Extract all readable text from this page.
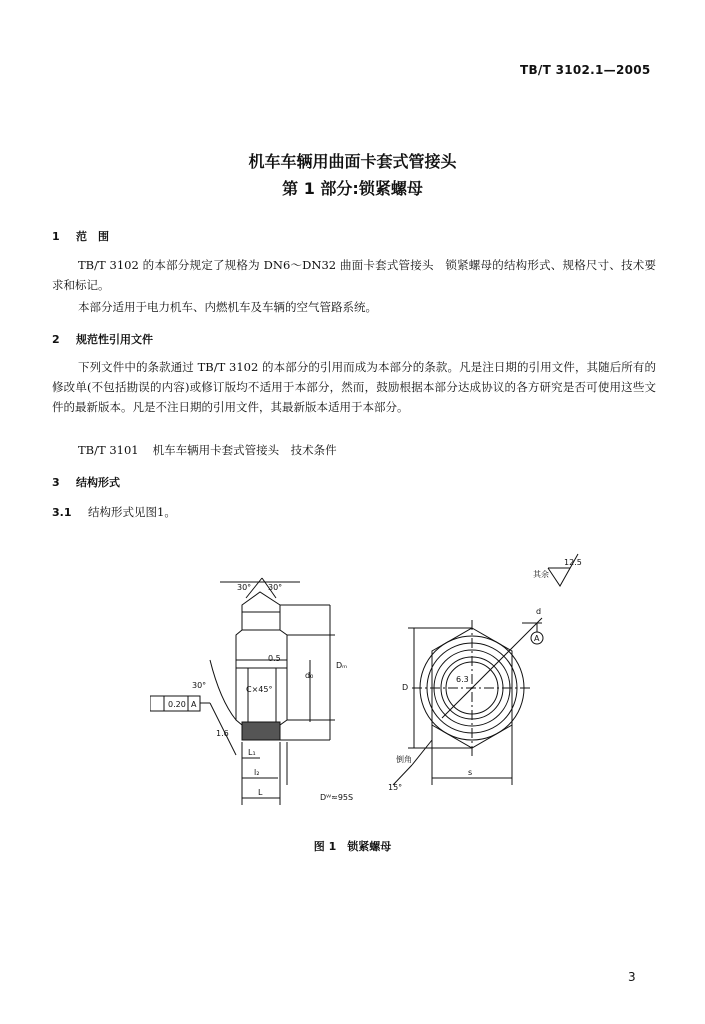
TB/T 3102.1—2005
机车车辆用曲面卡套式管接头
第 1 部分:锁紧螺母
1 范　围
TB/T 3102 的本部分规定了规格为 DN6～DN32 曲面卡套式管接头　锁紧螺母的结构形式、规格尺寸、技术要求和标记。
本部分适用于电力机车、内燃机车及车辆的空气管路系统。
2 规范性引用文件
下列文件中的条款通过 TB/T 3102 的本部分的引用而成为本部分的条款。凡是注日期的引用文件，其随后所有的修改单(不包括勘误的内容)或修订版均不适用于本部分，然而，鼓励根据本部分达成协议的各方研究是否可使用这些文件的最新版本。凡是不注日期的引用文件，其最新版本适用于本部分。
TB/T 3101 机车车辆用卡套式管接头　技术条件
3 结构形式
3.1 结构形式见图1。
其余
12.5
30° 30°
0.5
d₀
Dₘ
C×45°
0.20 A
30°
1.6
d
A
D
s
L₁
l₂
L
Dᵂ≈95S
倒角
15°
6.3
图 1　锁紧螺母
3
